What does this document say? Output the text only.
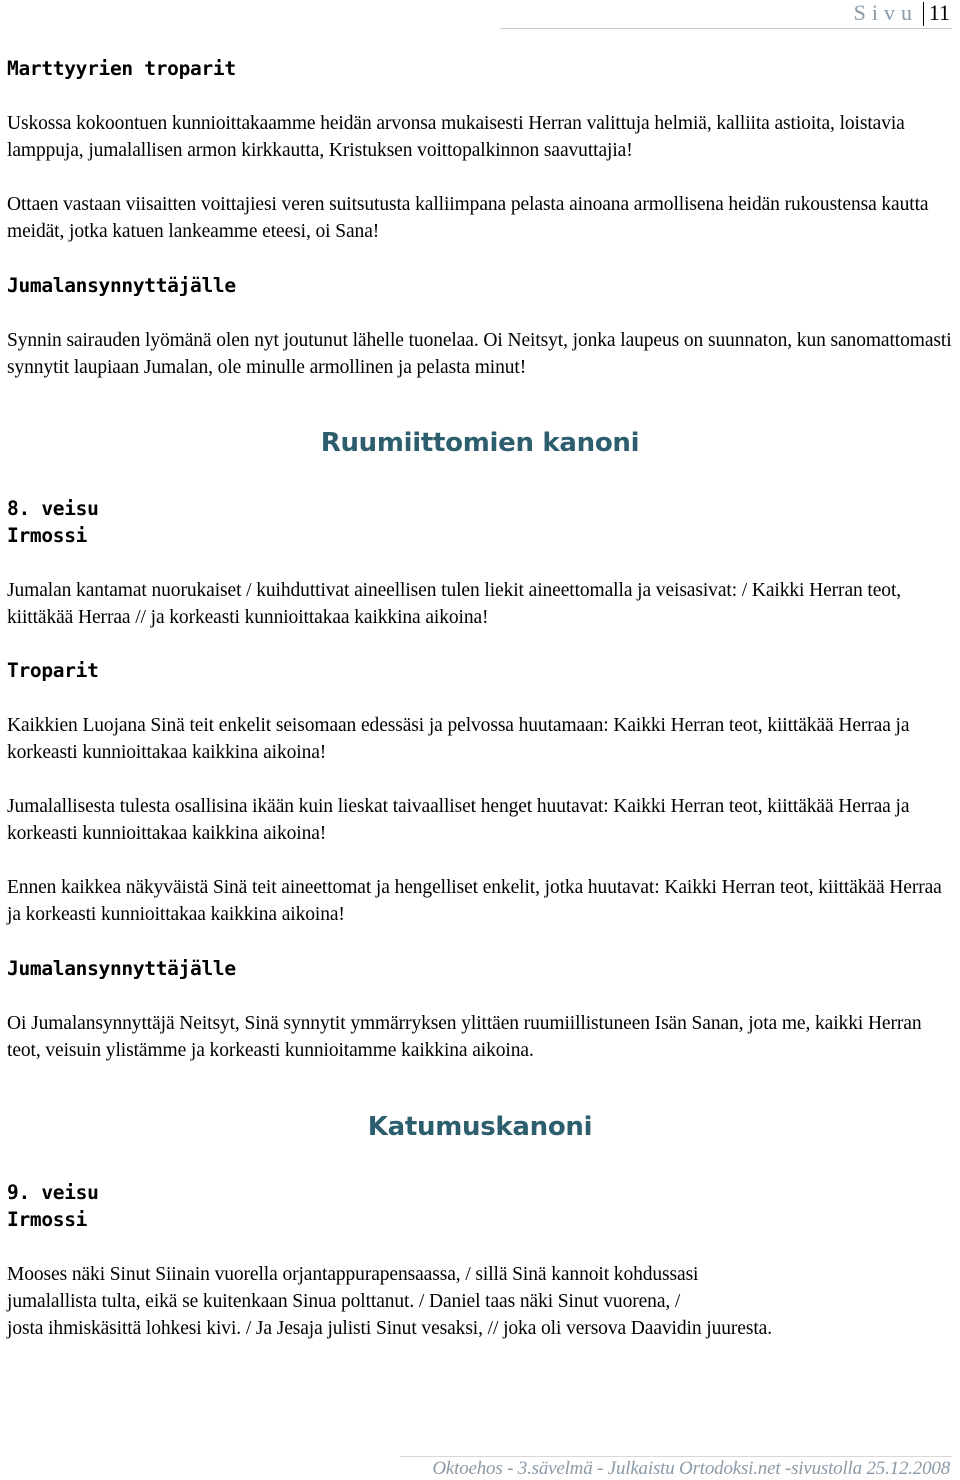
Sivu 11
Marttyyrien troparit

Uskossa kokoontuen kunnioittakaamme heidän arvonsa mukaisesti Herran valittuja helmiä, kalliita astioita, loistavia lamppuja, jumalallisen armon kirkkautta, Kristuksen voittopalkinnon saavuttajia!

Ottaen vastaan viisaitten voittajiesi veren suitsutusta kalliimpana pelasta ainoana armollisena heidän rukoustensa kautta meidät, jotka katuen lankeamme eteesi, oi Sana!

Jumalansynnyttäjälle

Synnin sairauden lyömänä olen nyt joutunut lähelle tuonelaa. Oi Neitsyt, jonka laupeus on suunnaton, kun sanomattomasti synnytit laupiaan Jumalan, ole minulle armollinen ja pelasta minut!

Ruumiittomien kanoni
8. veisu
Irmossi

Jumalan kantamat nuorukaiset / kuihduttivat aineellisen tulen liekit aineettomalla ja veisasivat: / Kaikki Herran teot, kiittäkää Herraa // ja korkeasti kunnioittakaa kaikkina aikoina!

Troparit

Kaikkien Luojana Sinä teit enkelit seisomaan edessäsi ja pelvossa huutamaan: Kaikki Herran teot, kiittäkää Herraa ja korkeasti kunnioittakaa kaikkina aikoina!

Jumalallisesta tulesta osallisina ikään kuin lieskat taivaalliset henget huutavat: Kaikki Herran teot, kiittäkää Herraa ja korkeasti kunnioittakaa kaikkina aikoina!

Ennen kaikkea näkyväistä Sinä teit aineettomat ja hengelliset enkelit, jotka huutavat: Kaikki Herran teot, kiittäkää Herraa ja korkeasti kunnioittakaa kaikkina aikoina!

Jumalansynnyttäjälle

Oi Jumalansynnyttäjä Neitsyt, Sinä synnytit ymmärryksen ylittäen ruumiillistuneen Isän Sanan, jota me, kaikki Herran teot, veisuin ylistämme ja korkeasti kunnioitamme kaikkina aikoina.

Katumuskanoni
9. veisu
Irmossi

Mooses näki Sinut Siinain vuorella orjantappurapensaassa, / sillä Sinä kannoit kohdussasi

jumalallista tulta, eikä se kuitenkaan Sinua polttanut. / Daniel taas näki Sinut vuorena, /

josta ihmiskäsittä lohkesi kivi. / Ja Jesaja julisti Sinut vesaksi, // joka oli versova Daavidin juuresta.

Oktoehos - 3.sävelmä - Julkaistu Ortodoksi.net -sivustolla 25.12.2008
